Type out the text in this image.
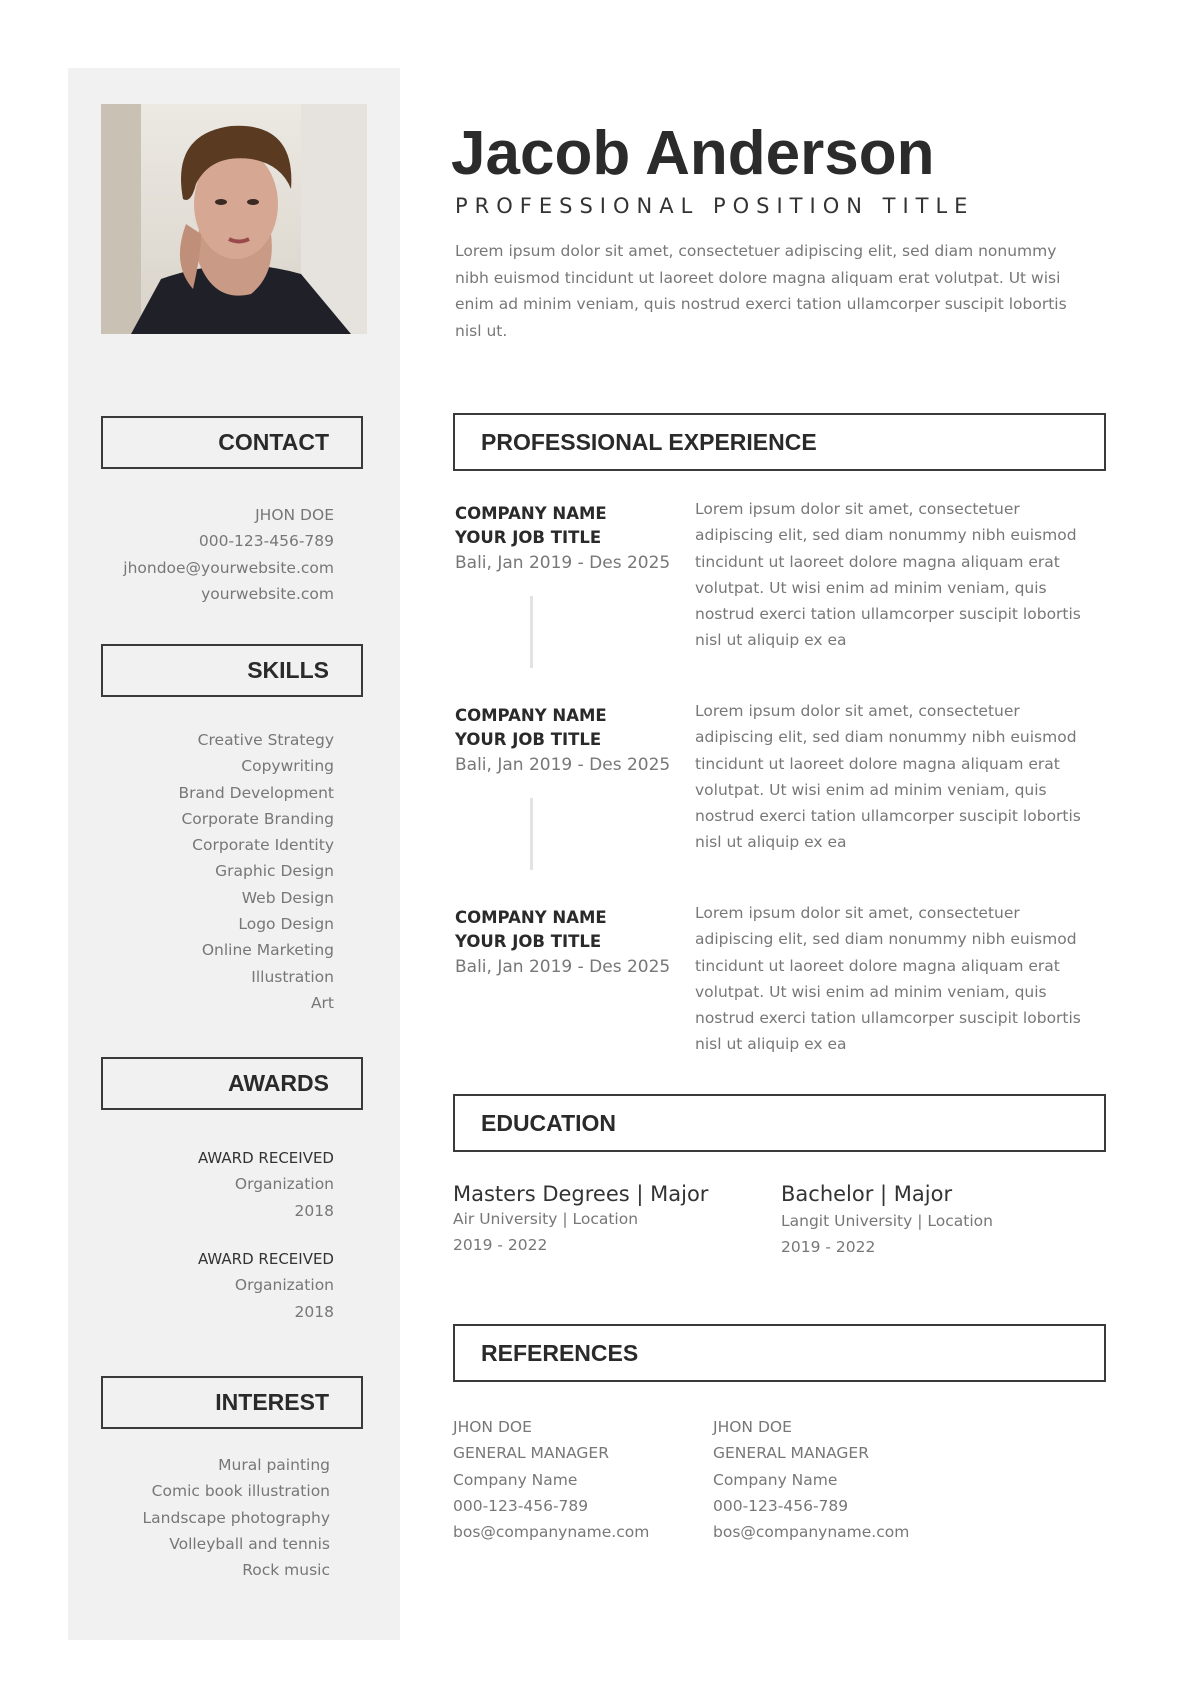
CONTACT
JHON DOE
000-123-456-789
jhondoe@yourwebsite.com
yourwebsite.com
SKILLS
Creative Strategy
Copywriting
Brand Development
Corporate Branding
Corporate Identity
Graphic Design
Web Design
Logo Design
Online Marketing
Illustration
Art
AWARDS
AWARD RECEIVED
Organization
2018
AWARD RECEIVED
Organization
2018
INTEREST
Mural painting
Comic book illustration
Landscape photography
Volleyball and tennis
Rock music
Jacob Anderson
PROFESSIONAL POSITION TITLE
Lorem ipsum dolor sit amet, consectetuer adipiscing elit, sed diam nonummy nibh euismod tincidunt ut laoreet dolore magna aliquam erat volutpat. Ut wisi enim ad minim veniam, quis nostrud exerci tation ullamcorper suscipit lobortis nisl ut.
PROFESSIONAL EXPERIENCE
COMPANY NAME
YOUR JOB TITLE
Bali, Jan 2019 - Des 2025
Lorem ipsum dolor sit amet, consectetuer adipiscing elit, sed diam nonummy nibh euismod tincidunt ut laoreet dolore magna aliquam erat volutpat. Ut wisi enim ad minim veniam, quis nostrud exerci tation ullamcorper suscipit lobortis nisl ut aliquip ex ea
COMPANY NAME
YOUR JOB TITLE
Bali, Jan 2019 - Des 2025
Lorem ipsum dolor sit amet, consectetuer adipiscing elit, sed diam nonummy nibh euismod tincidunt ut laoreet dolore magna aliquam erat volutpat. Ut wisi enim ad minim veniam, quis nostrud exerci tation ullamcorper suscipit lobortis nisl ut aliquip ex ea
COMPANY NAME
YOUR JOB TITLE
Bali, Jan 2019 - Des 2025
Lorem ipsum dolor sit amet, consectetuer adipiscing elit, sed diam nonummy nibh euismod tincidunt ut laoreet dolore magna aliquam erat volutpat. Ut wisi enim ad minim veniam, quis nostrud exerci tation ullamcorper suscipit lobortis nisl ut aliquip ex ea
EDUCATION
Masters Degrees | Major
Air University | Location
2019 - 2022
Bachelor | Major
Langit University | Location
2019 - 2022
REFERENCES
JHON DOE
GENERAL MANAGER
Company Name
000-123-456-789
bos@companyname.com
JHON DOE
GENERAL MANAGER
Company Name
000-123-456-789
bos@companyname.com
